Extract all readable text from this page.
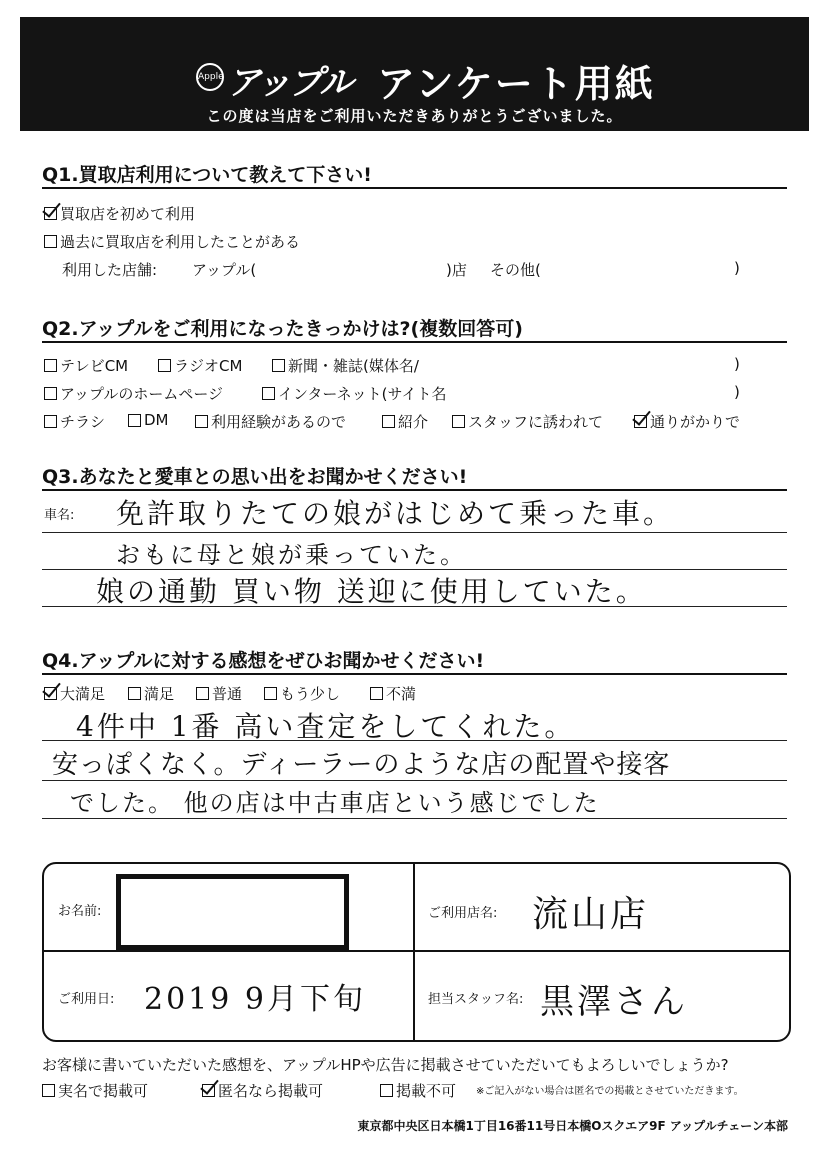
Apple アップル アンケート用紙
この度は当店をご利用いただきありがとうございました。
Q1.買取店利用について教えて下さい!
買取店を初めて利用
過去に買取店を利用したことがある
利用した店舗: アップル(	)店 その他(	)
Q2.アップルをご利用になったきっかけは?(複数回答可)
テレビCM	ラジオCM	新聞・雑誌(媒体名/	)
アップルのホームページ	インターネット(サイト名	)
チラシ	DM	利用経験があるので	紹介	スタッフに誘われて	通りがかりで
Q3.あなたと愛車との思い出をお聞かせください!
車名: 免許取りたての娘がはじめて乗った車。
おもに母と娘が乗っていた。
娘の通勤 買い物 送迎に使用していた。
Q4.アップルに対する感想をぜひお聞かせください!
大満足	満足	普通	もう少し	不満
4件中 1番 高い査定をしてくれた。
安っぽくなく。ディーラーのような店の配置や接客
でした。 他の店は中古車店という感じでした
お名前:	ご利用店名: 流山店
ご利用日: 2019 9月下旬	担当スタッフ名: 黒澤さん
お客様に書いていただいた感想を、アップルHPや広告に掲載させていただいてもよろしいでしょうか?
実名で掲載可	匿名なら掲載可	掲載不可 ※ご記入がない場合は匿名での掲載とさせていただきます。
東京都中央区日本橋1丁目16番11号日本橋Oスクエア9F アップルチェーン本部
